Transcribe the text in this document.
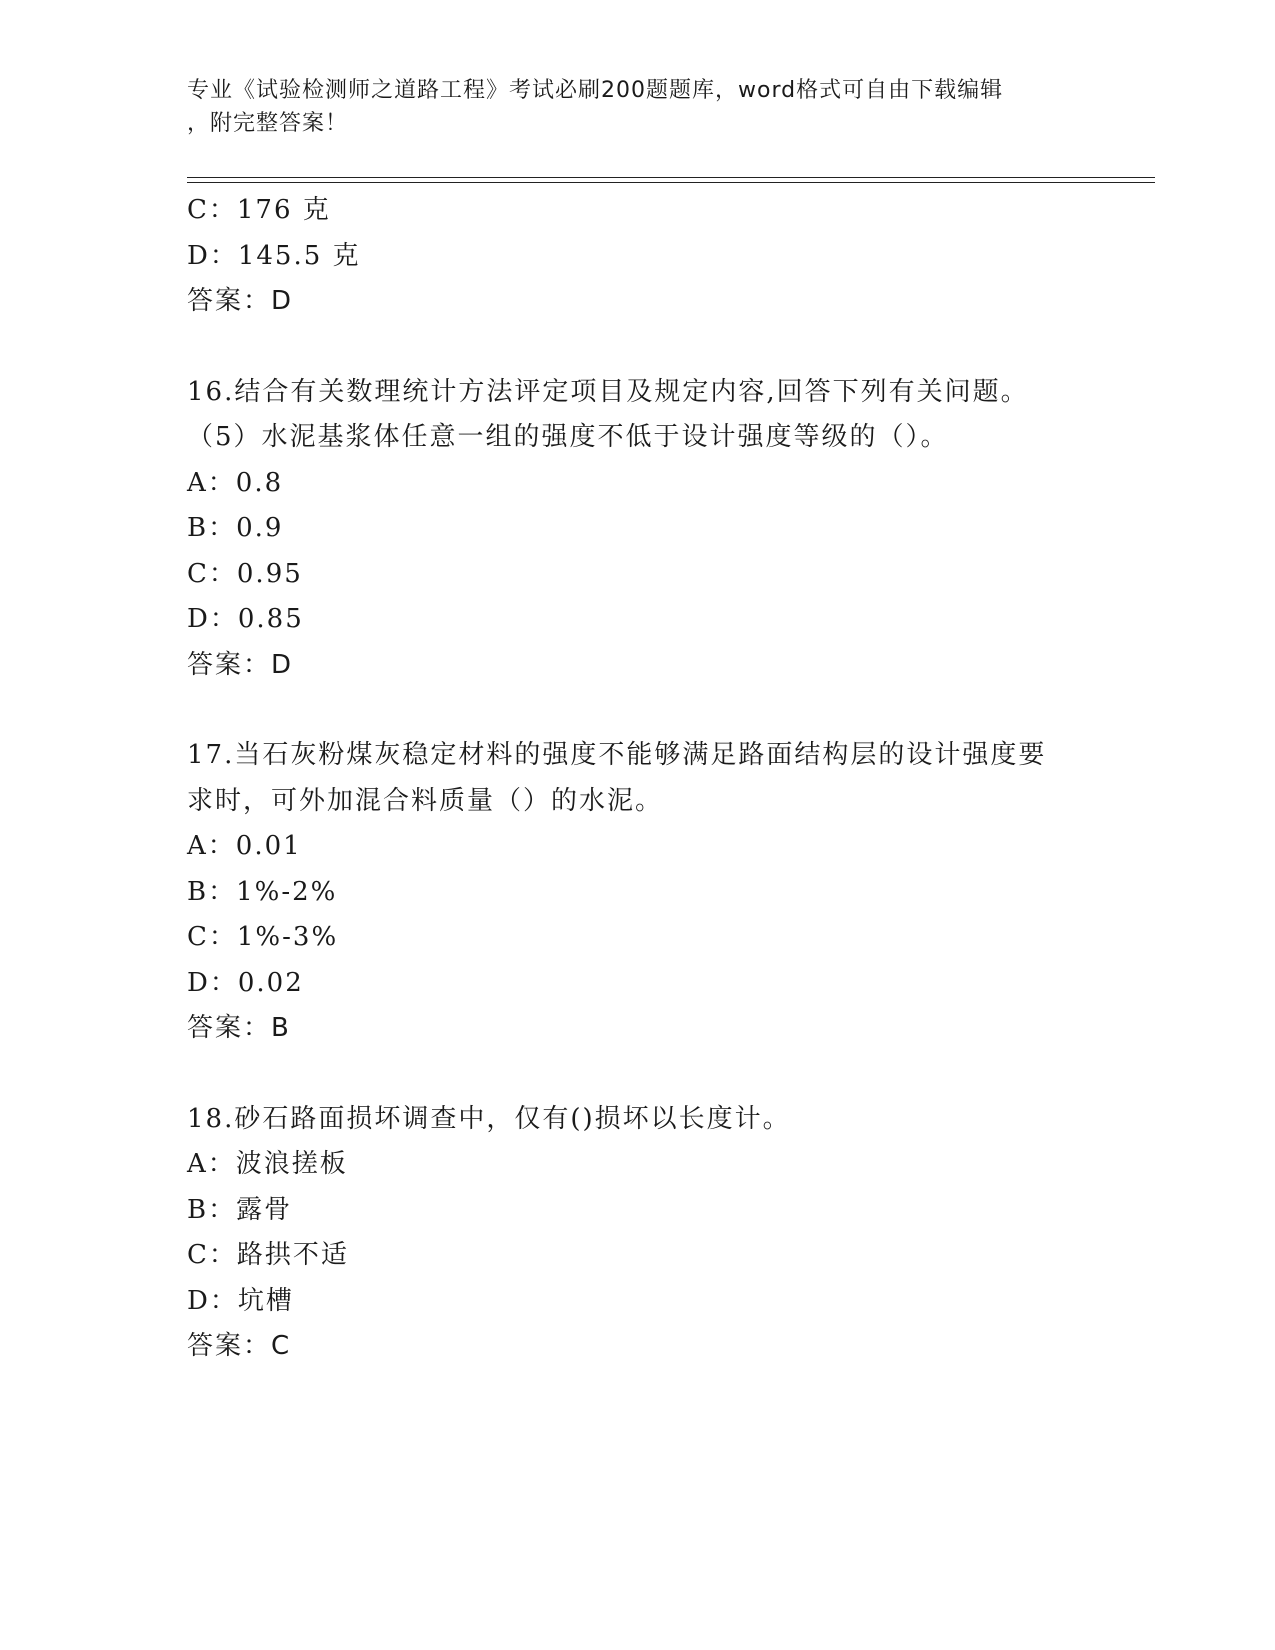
专业《试验检测师之道路工程》考试必刷200题题库，word格式可自由下载编辑
，附完整答案！
C：176 克
D：145.5 克
答案：D
16.结合有关数理统计方法评定项目及规定内容,回答下列有关问题。
（5）水泥基浆体任意一组的强度不低于设计强度等级的（）。
A：0.8
B：0.9
C：0.95
D：0.85
答案：D
17.当石灰粉煤灰稳定材料的强度不能够满足路面结构层的设计强度要
求时，可外加混合料质量（）的水泥。
A：0.01
B：1%-2%
C：1%-3%
D：0.02
答案：B
18.砂石路面损坏调查中，仅有()损坏以长度计。
A：波浪搓板
B：露骨
C：路拱不适
D：坑槽
答案：C
